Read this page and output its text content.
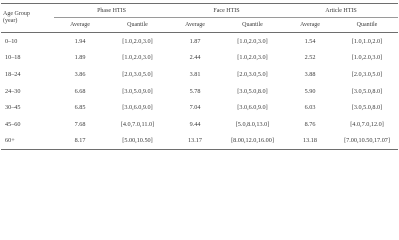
Age Group
(year)	Phase HTIS		Face HTIS		Article HTIS	
	Average	Quantile	Average	Quantile	Average	Quantile
0–10	1.94	[1.0,2.0,3.0]	1.87	[1.0,2.0,3.0]	1.54	[1.0,1.0,2.0]
10–18	1.89	[1.0,2.0,3.0]	2.44	[1.0,2.0,3.0]	2.52	[1.0,2.0,3.0]
18–24	3.86	[2.0,3.0,5.0]	3.81	[2.0,3.0,5.0]	3.88	[2.0,3.0,5.0]
24–30	6.68	[3.0,5.0,9.0]	5.78	[3.0,5.0,8.0]	5.90	[3.0,5.0,8.0]
30–45	6.85	[3.0,6.0,9.0]	7.04	[3.0,6.0,9.0]	6.03	[3.0,5.0,8.0]
45–60	7.68	[4.0,7.0,11.0]	9.44	[5.0,8.0,13.0]	8.76	[4.0,7.0,12.0]
60+	8.17	[5.00,10.50]	13.17	[8.00,12.0,16.00]	13.18	[7.00,10.50,17.07]
